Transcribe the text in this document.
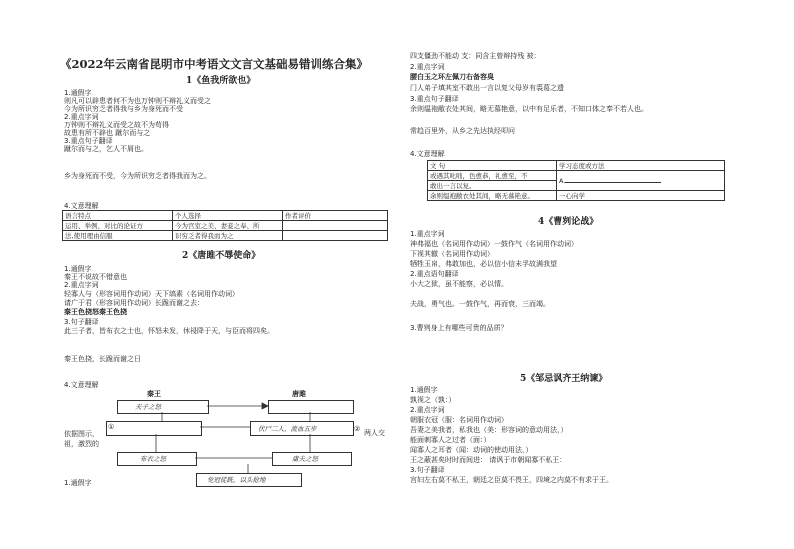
《2022年云南省昆明市中考语文文言文基础易错训练合集》
1《鱼我所欲也》
1.通假字
则凡可以辟患者何不为也万钟则不辩礼义而受之
今为所识穷乏者得我与乡为身死而不受
2.重点字词
万钟则不辩礼义而受之故不为苟得
故患有所不辟也 蹴尔而与之
3.重点句子翻译
蹴尔而与之，乞人不屑也。
乡为身死而不受，今为所识穷乏者得我而为之。
4.文意理解
语言特点	个人选择	作者评价
运用、举例、对比的论证方	今为宫室之美、妻妾之奉、所	
法,使用理由信服	识穷乏者得我而为之	
2《唐雎不辱使命》
1.通假字
秦王不说故不错意也
2.重点字词
轻寡人与（形容词用作动词）天下缟素（名词用作动词）
请广于君（形容词用作动词）长跪而谢之去：
秦王色挠怒秦王色挠
3.句子翻译
此三子者，皆布衣之士也，怀怒未发，休祲降于天，与臣而将四矣。
秦王色挠，长跪而谢之日
4.文意理解
秦王	唐雎
天子之怒
①	伏尸二人，流血五步	②
依据图示，
祖，激烈的
两人交
布衣之怒	庸夫之怒
免冠徒跣，以头抢地
1.通假字
四支僵劲不能动 支：同含主曾辩持残 被：
2.重点字词
腰白玉之环左佩刀右备容臭
门人弟子填其室不敢出一言以复父母岁有裘葛之遗
3.重点句子翻译
余则缊袍敝衣处其间，略无慕艳意，以中有足乐者，不知口体之奉不若人也。
常趋百里外，从乡之先达执经叩问
4.文意理解
文 句	学习态度或方法
或遇其叱咄，色愈恭，礼愈至，不	A.
敢出一言以复。	
余则缊袍敝衣处其间，略无慕艳意。	一心向学
4《曹刿论战》
1.重点字词
神弗福也（名词用作动词）一鼓作气（名词用作动词）
下视其辙（名词用作动词）
牺牲玉帛，弗敢加也，必以信小信未孚故满我望
2.重点语句翻译
小大之狱，虽不能察，必以情。
夫战，勇气也。一鼓作气，再而衰，三而竭。
3.曹刿身上有哪些可贵的品质？
5《邹忌讽齐王纳谏》
1.通假字
孰视之（孰：）
2.重点字词
朝服衣冠（服：名词用作动词）
吾妻之美我者，私我也（美：形容词的意动用法，）
能面刺寡人之过者（面：）
闻寡人之耳者（闻：动词的使动用法，）
王之蔽甚矣时时而间进： 请讽于市朝闻寡不私王：
3.句子翻译
宫妇左右莫不私王，朝廷之臣莫不畏王，四境之内莫不有求于王。
